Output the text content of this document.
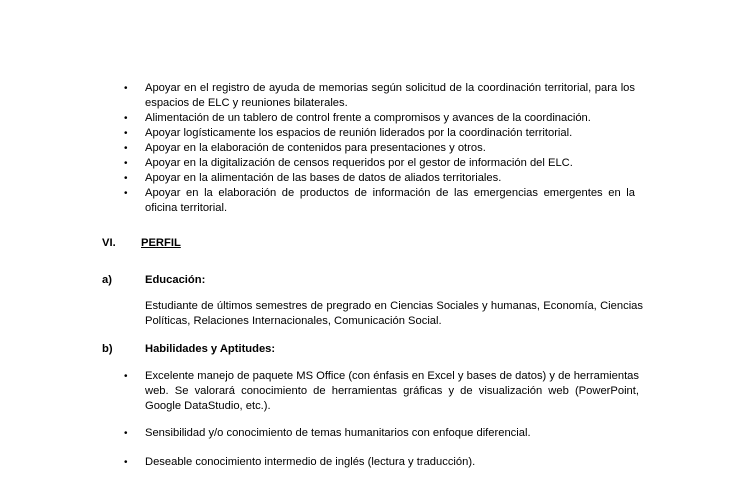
• Apoyar en el registro de ayuda de memorias según solicitud de la coordinación territorial, para los espacios de ELC y reuniones bilaterales.
• Alimentación de un tablero de control frente a compromisos y avances de la coordinación.
• Apoyar logísticamente los espacios de reunión liderados por la coordinación territorial.
• Apoyar en la elaboración de contenidos para presentaciones y otros.
• Apoyar en la digitalización de censos requeridos por el gestor de información del ELC.
• Apoyar en la alimentación de las bases de datos de aliados territoriales.
• Apoyar en la elaboración de productos de información de las emergencias emergentes en la oficina territorial.
VI. PERFIL
a)	Educación:

Estudiante de últimos semestres de pregrado en Ciencias Sociales y humanas, Economía, Ciencias Políticas, Relaciones Internacionales, Comunicación Social.

b)	Habilidades y Aptitudes:
• Excelente manejo de paquete MS Office (con énfasis en Excel y bases de datos) y de herramientas web. Se valorará conocimiento de herramientas gráficas y de visualización web (PowerPoint, Google DataStudio, etc.).
• Sensibilidad y/o conocimiento de temas humanitarios con enfoque diferencial.
• Deseable conocimiento intermedio de inglés (lectura y traducción).
